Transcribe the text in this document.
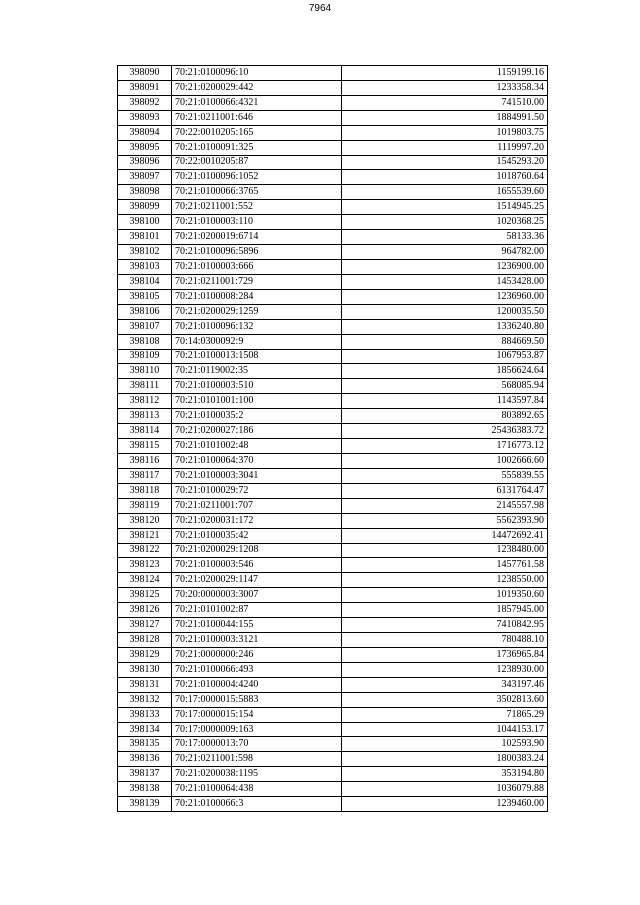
7964
398090	70:21:0100096:10	1159199.16
398091	70:21:0200029:442	1233358.34
398092	70:21:0100066:4321	741510.00
398093	70:21:0211001:646	1884991.50
398094	70:22:0010205:165	1019803.75
398095	70:21:0100091:325	1119997.20
398096	70:22:0010205:87	1545293.20
398097	70:21:0100096:1052	1018760.64
398098	70:21:0100066:3765	1655539.60
398099	70:21:0211001:552	1514945.25
398100	70:21:0100003:110	1020368.25
398101	70:21:0200019:6714	58133.36
398102	70:21:0100096:5896	964782.00
398103	70:21:0100003:666	1236900.00
398104	70:21:0211001:729	1453428.00
398105	70:21:0100008:284	1236960.00
398106	70:21:0200029:1259	1200035.50
398107	70:21:0100096:132	1336240.80
398108	70:14:0300092:9	884669.50
398109	70:21:0100013:1508	1067953.87
398110	70:21:0119002:35	1856624.64
398111	70:21:0100003:510	568085.94
398112	70:21:0101001:100	1143597.84
398113	70:21:0100035:2	803892.65
398114	70:21:0200027:186	25436383.72
398115	70:21:0101002:48	1716773.12
398116	70:21:0100064:370	1002666.60
398117	70:21:0100003:3041	555839.55
398118	70:21:0100029:72	6131764.47
398119	70:21:0211001:707	2145557.98
398120	70:21:0200031:172	5562393.90
398121	70:21:0100035:42	14472692.41
398122	70:21:0200029:1208	1238480.00
398123	70:21:0100003:546	1457761.58
398124	70:21:0200029:1147	1238550.00
398125	70:20:0000003:3007	1019350.60
398126	70:21:0101002:87	1857945.00
398127	70:21:0100044:155	7410842.95
398128	70:21:0100003:3121	780488.10
398129	70:21:0000000:246	1736965.84
398130	70:21:0100066:493	1238930.00
398131	70:21:0100004:4240	343197.46
398132	70:17:0000015:5883	3502813.60
398133	70:17:0000015:154	71865.29
398134	70:17:0000009:163	1044153.17
398135	70:17:0000013:70	102593.90
398136	70:21:0211001:598	1800383.24
398137	70:21:0200038:1195	353194.80
398138	70:21:0100064:438	1036079.88
398139	70:21:0100066:3	1239460.00
